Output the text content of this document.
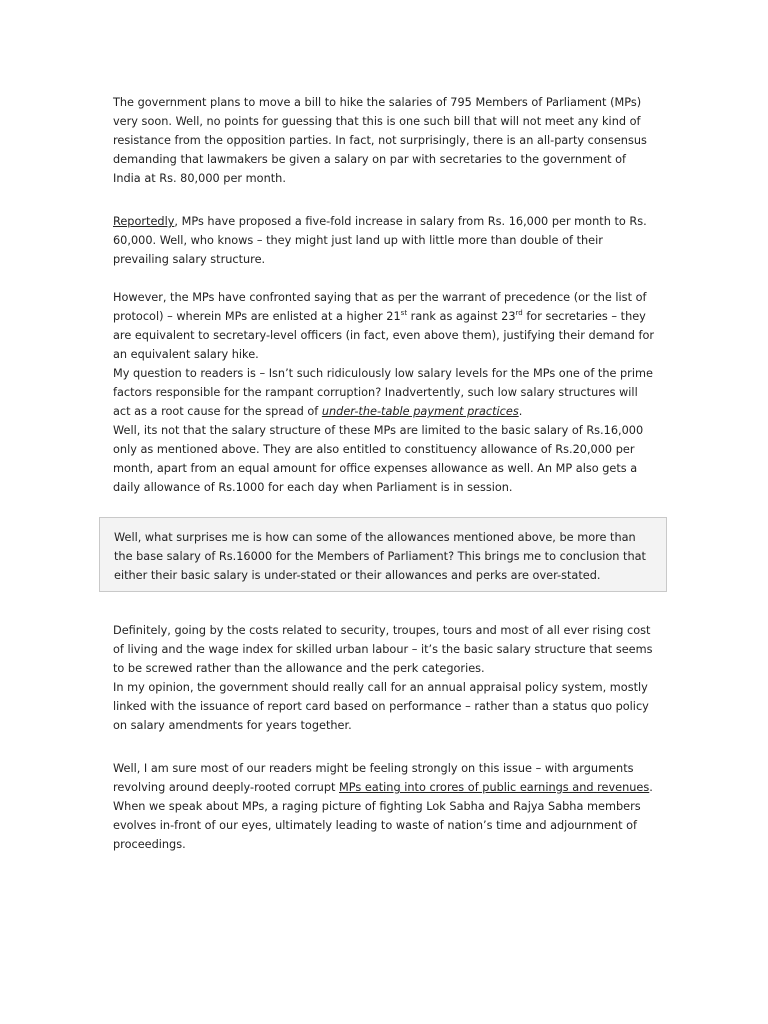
The government plans to move a bill to hike the salaries of 795 Members of Parliament (MPs) very soon. Well, no points for guessing that this is one such bill that will not meet any kind of resistance from the opposition parties. In fact, not surprisingly, there is an all-party consensus demanding that lawmakers be given a salary on par with secretaries to the government of India at Rs. 80,000 per month.

Reportedly, MPs have proposed a five-fold increase in salary from Rs. 16,000 per month to Rs. 60,000. Well, who knows – they might just land up with little more than double of their prevailing salary structure.

However, the MPs have confronted saying that as per the warrant of precedence (or the list of protocol) – wherein MPs are enlisted at a higher 21st rank as against 23rd for secretaries – they are equivalent to secretary-level officers (in fact, even above them), justifying their demand for an equivalent salary hike.

My question to readers is – Isn’t such ridiculously low salary levels for the MPs one of the prime factors responsible for the rampant corruption? Inadvertently, such low salary structures will act as a root cause for the spread of under-the-table payment practices.

Well, its not that the salary structure of these MPs are limited to the basic salary of Rs.16,000 only as mentioned above. They are also entitled to constituency allowance of Rs.20,000 per month, apart from an equal amount for office expenses allowance as well. An MP also gets a daily allowance of Rs.1000 for each day when Parliament is in session.

Well, what surprises me is how can some of the allowances mentioned above, be more than the base salary of Rs.16000 for the Members of Parliament? This brings me to conclusion that either their basic salary is under-stated or their allowances and perks are over-stated.

Definitely, going by the costs related to security, troupes, tours and most of all ever rising cost of living and the wage index for skilled urban labour – it’s the basic salary structure that seems to be screwed rather than the allowance and the perk categories.

In my opinion, the government should really call for an annual appraisal policy system, mostly linked with the issuance of report card based on performance – rather than a status quo policy on salary amendments for years together.

Well, I am sure most of our readers might be feeling strongly on this issue – with arguments revolving around deeply-rooted corrupt MPs eating into crores of public earnings and revenues. When we speak about MPs, a raging picture of fighting Lok Sabha and Rajya Sabha members evolves in-front of our eyes, ultimately leading to waste of nation’s time and adjournment of proceedings.
